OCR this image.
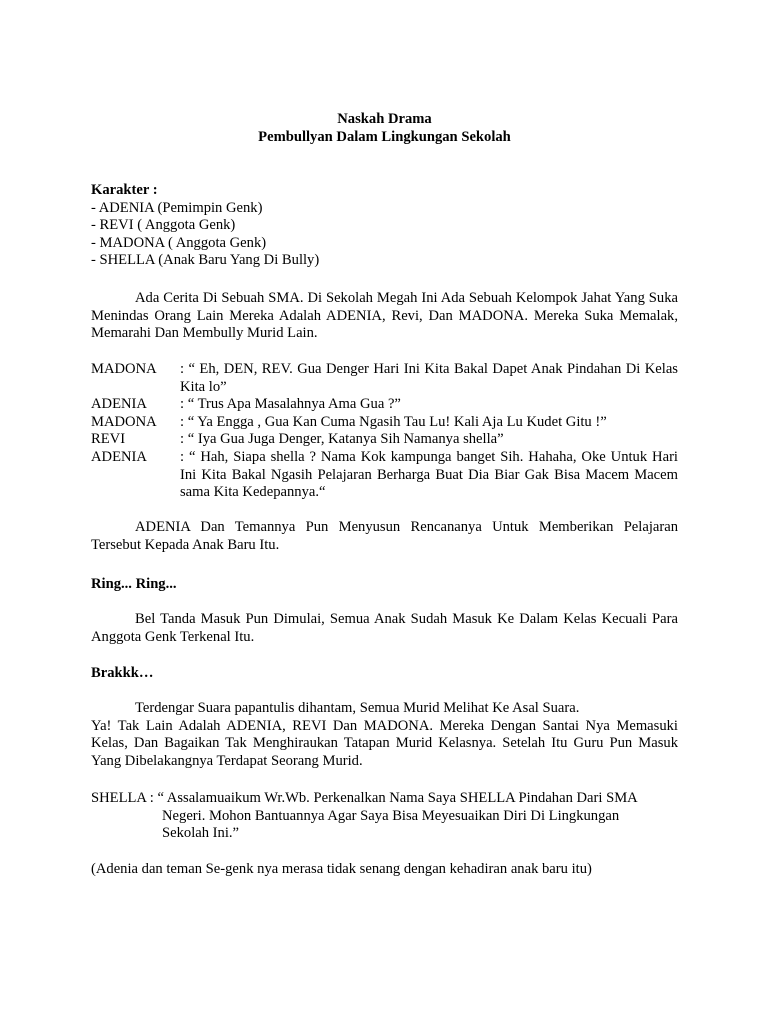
Naskah Drama
Pembullyan Dalam Lingkungan Sekolah
Karakter :
- ADENIA (Pemimpin Genk)
- REVI ( Anggota Genk)
- MADONA ( Anggota Genk)
- SHELLA (Anak Baru Yang Di Bully)

Ada Cerita Di Sebuah SMA. Di Sekolah Megah Ini Ada Sebuah Kelompok Jahat Yang Suka Menindas Orang Lain Mereka Adalah ADENIA, Revi, Dan MADONA. Mereka Suka Memalak, Memarahi Dan Membully Murid Lain.

MADONA	: “ Eh, DEN, REV. Gua Denger Hari Ini Kita Bakal Dapet Anak Pindahan Di Kelas Kita lo”
ADENIA	: “ Trus Apa Masalahnya Ama Gua ?”
MADONA	: “ Ya Engga , Gua Kan Cuma Ngasih Tau Lu! Kali Aja Lu Kudet Gitu !”
REVI	: “ Iya Gua Juga Denger, Katanya Sih Namanya shella”
ADENIA	: “ Hah, Siapa shella ? Nama Kok kampunga banget Sih. Hahaha, Oke Untuk Hari Ini Kita Bakal Ngasih Pelajaran Berharga Buat Dia Biar Gak Bisa Macem Macem sama Kita Kedepannya.“

ADENIA Dan Temannya Pun Menyusun Rencananya Untuk Memberikan Pelajaran Tersebut Kepada Anak Baru Itu.

Ring... Ring...

Bel Tanda Masuk Pun Dimulai, Semua Anak Sudah Masuk Ke Dalam Kelas Kecuali Para Anggota Genk Terkenal Itu.

Brakkk…

Terdengar Suara papantulis dihantam, Semua Murid Melihat Ke Asal Suara.
Ya! Tak Lain Adalah ADENIA, REVI Dan MADONA. Mereka Dengan Santai Nya Memasuki Kelas, Dan Bagaikan Tak Menghiraukan Tatapan Murid Kelasnya. Setelah Itu Guru Pun Masuk Yang Dibelakangnya Terdapat Seorang Murid.
SHELLA : “ Assalamuaikum Wr.Wb. Perkenalkan Nama Saya SHELLA Pindahan Dari SMA
Negeri. Mohon Bantuannya Agar Saya Bisa Meyesuaikan Diri Di Lingkungan
Sekolah Ini.”

(Adenia dan teman Se-genk nya merasa tidak senang dengan kehadiran anak baru itu)
